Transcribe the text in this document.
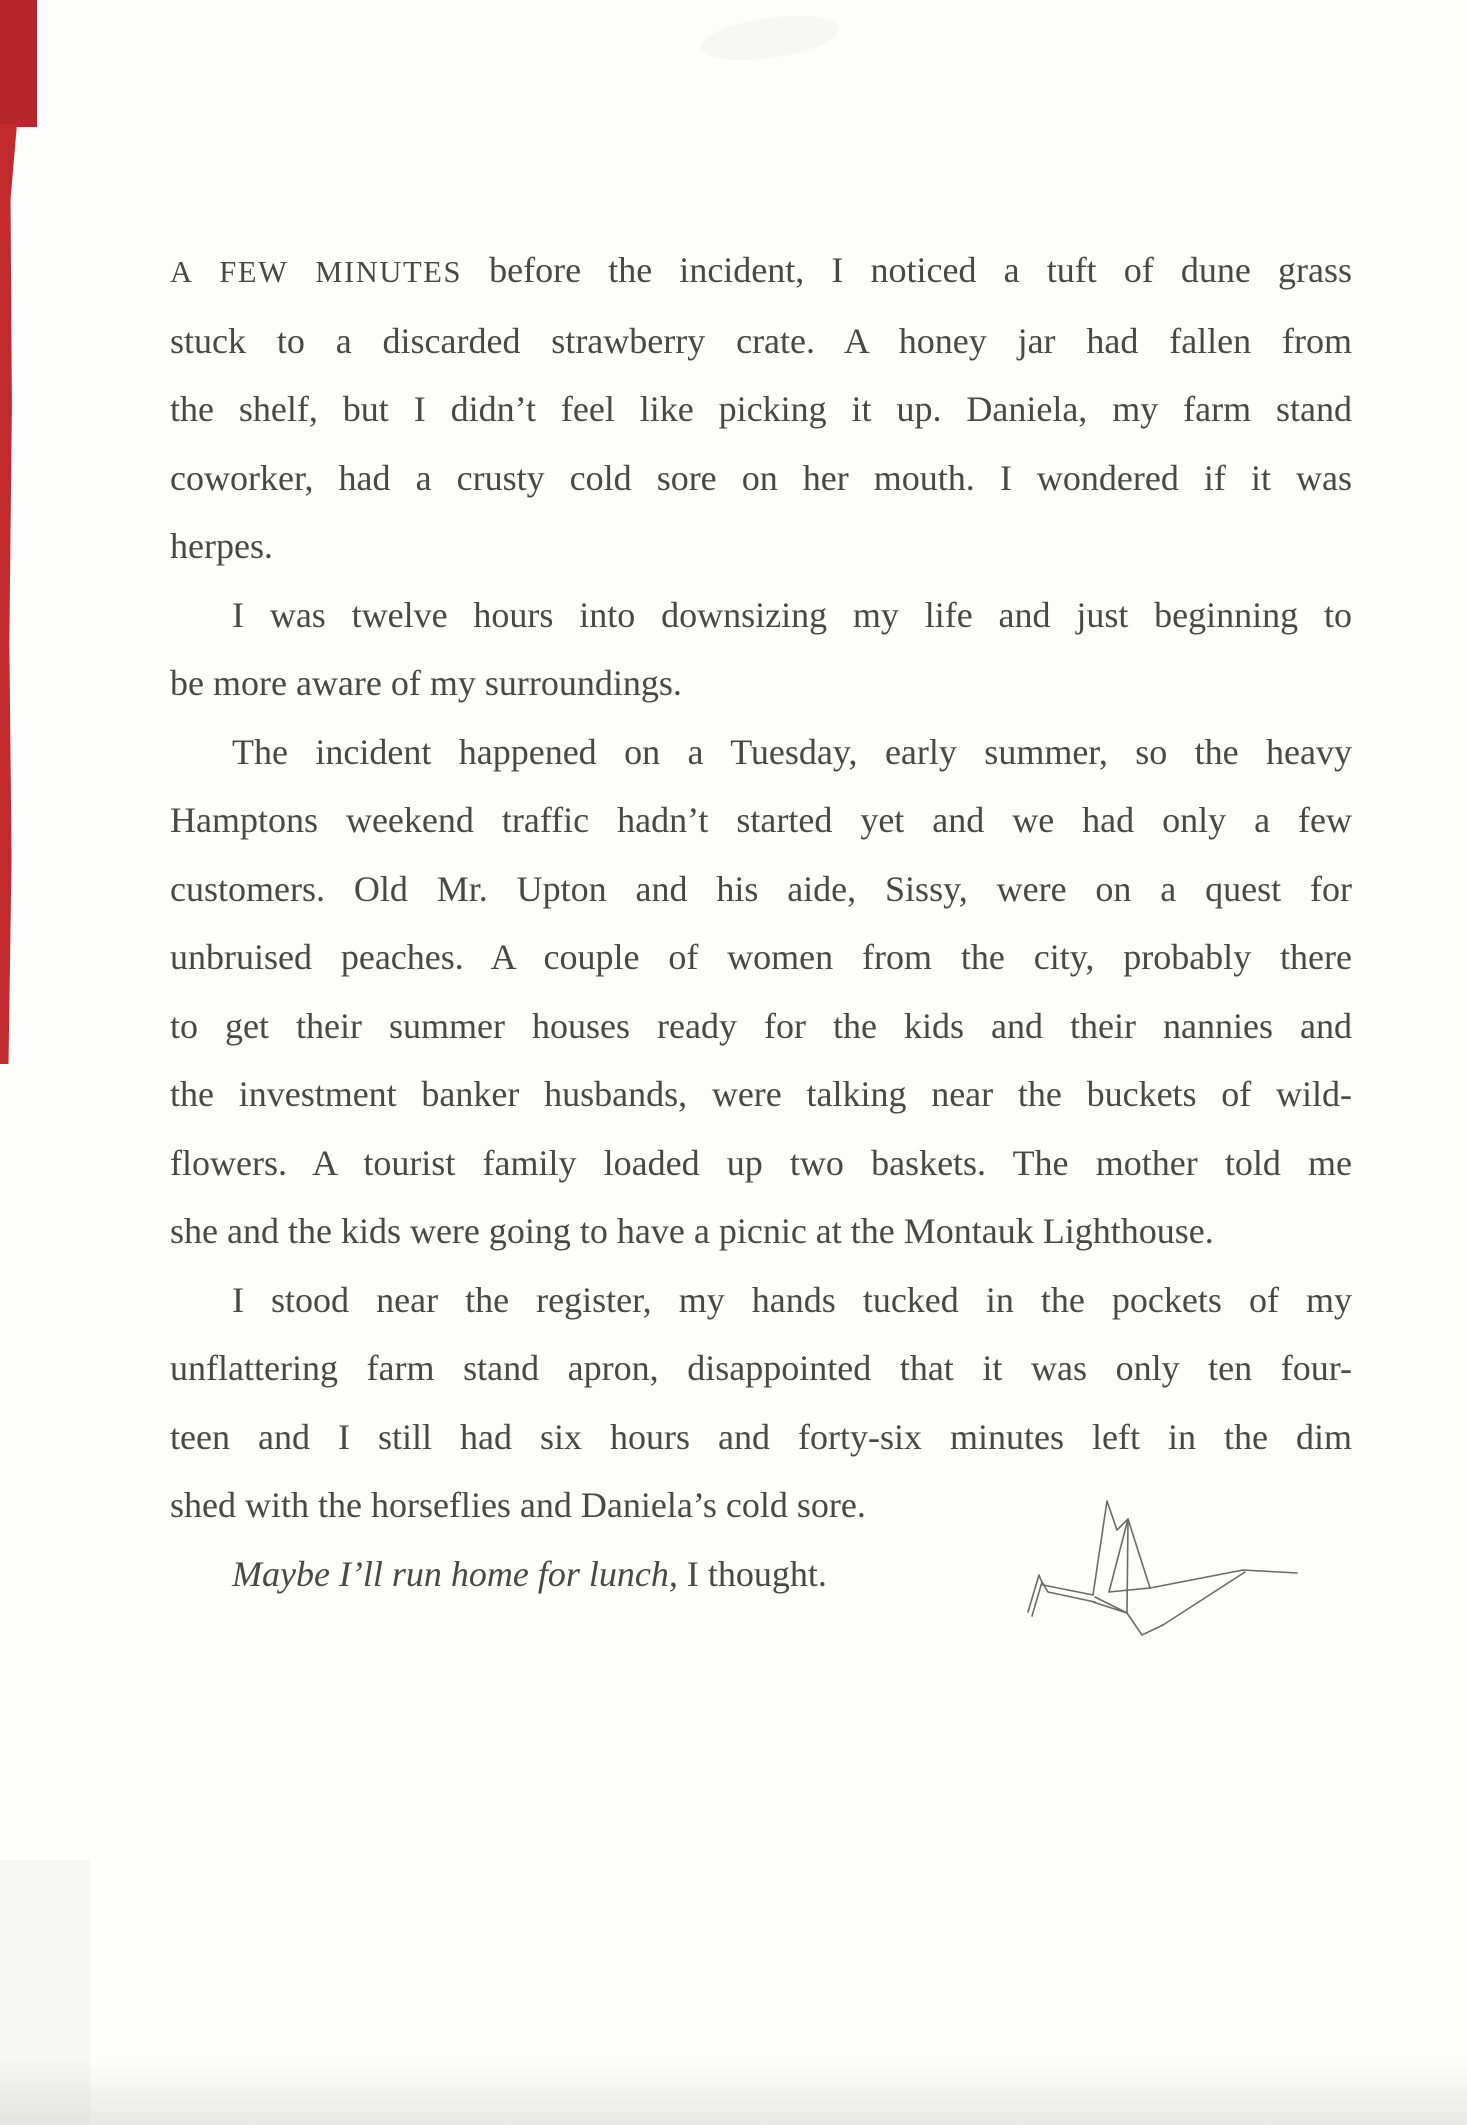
A FEW MINUTES before the incident, I noticed a tuft of dune grass
stuck to a discarded strawberry crate. A honey jar had fallen from
the shelf, but I didn’t feel like picking it up. Daniela, my farm stand
coworker, had a crusty cold sore on her mouth. I wondered if it was
herpes.
I was twelve hours into downsizing my life and just beginning to
be more aware of my surroundings.
The incident happened on a Tuesday, early summer, so the heavy
Hamptons weekend traffic hadn’t started yet and we had only a few
customers. Old Mr. Upton and his aide, Sissy, were on a quest for
unbruised peaches. A couple of women from the city, probably there
to get their summer houses ready for the kids and their nannies and
the investment banker husbands, were talking near the buckets of wild-
flowers. A tourist family loaded up two baskets. The mother told me
she and the kids were going to have a picnic at the Montauk Lighthouse.
I stood near the register, my hands tucked in the pockets of my
unflattering farm stand apron, disappointed that it was only ten four-
teen and I still had six hours and forty-six minutes left in the dim
shed with the horseflies and Daniela’s cold sore.
Maybe I’ll run home for lunch, I thought.
